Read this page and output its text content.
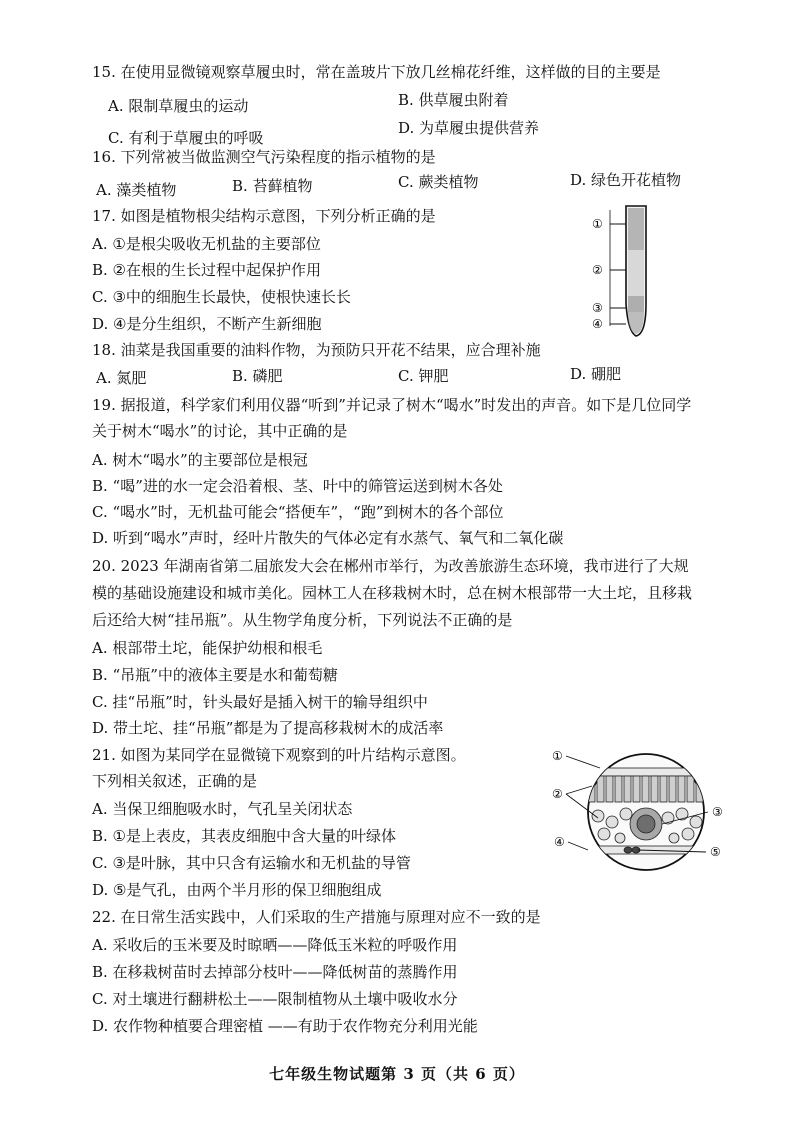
15. 在使用显微镜观察草履虫时，常在盖玻片下放几丝棉花纤维，这样做的目的主要是
A. 限制草履虫的运动	B. 供草履虫附着
C. 有利于草履虫的呼吸
D. 为草履虫提供营养
16. 下列常被当做监测空气污染程度的指示植物的是
A. 藻类植物	B. 苔藓植物	C. 蕨类植物	D. 绿色开花植物
17. 如图是植物根尖结构示意图，下列分析正确的是
A. ①是根尖吸收无机盐的主要部位
B. ②在根的生长过程中起保护作用
C. ③中的细胞生长最快，使根快速长长
D. ④是分生组织，不断产生新细胞
①
②
③
④
18. 油菜是我国重要的油料作物，为预防只开花不结果，应合理补施
A. 氮肥	B. 磷肥	C. 钾肥	D. 硼肥
19. 据报道，科学家们利用仪器“听到”并记录了树木“喝水”时发出的声音。如下是几位同学
关于树木“喝水”的讨论，其中正确的是
A. 树木“喝水”的主要部位是根冠
B. “喝”进的水一定会沿着根、茎、叶中的筛管运送到树木各处
C. “喝水”时，无机盐可能会“搭便车”，“跑”到树木的各个部位
D. 听到“喝水”声时，经叶片散失的气体必定有水蒸气、氧气和二氧化碳
20. 2023 年湖南省第二届旅发大会在郴州市举行，为改善旅游生态环境，我市进行了大规
模的基础设施建设和城市美化。园林工人在移栽树木时，总在树木根部带一大土坨，且移栽
后还给大树“挂吊瓶”。从生物学角度分析，下列说法不正确的是
A. 根部带土坨，能保护幼根和根毛
B. “吊瓶”中的液体主要是水和葡萄糖
C. 挂“吊瓶”时，针头最好是插入树干的输导组织中
D. 带土坨、挂“吊瓶”都是为了提高移栽树木的成活率
21. 如图为某同学在显微镜下观察到的叶片结构示意图。
下列相关叙述，正确的是
A. 当保卫细胞吸水时，气孔呈关闭状态
B. ①是上表皮，其表皮细胞中含大量的叶绿体
C. ③是叶脉，其中只含有运输水和无机盐的导管
D. ⑤是气孔，由两个半月形的保卫细胞组成
①
②
③
④
⑤
22. 在日常生活实践中，人们采取的生产措施与原理对应不一致的是
A. 采收后的玉米要及时晾晒——降低玉米粒的呼吸作用
B. 在移栽树苗时去掉部分枝叶——降低树苗的蒸腾作用
C. 对土壤进行翻耕松土——限制植物从土壤中吸收水分
D. 农作物种植要合理密植 ——有助于农作物充分利用光能
七年级生物试题第 3 页（共 6 页）
